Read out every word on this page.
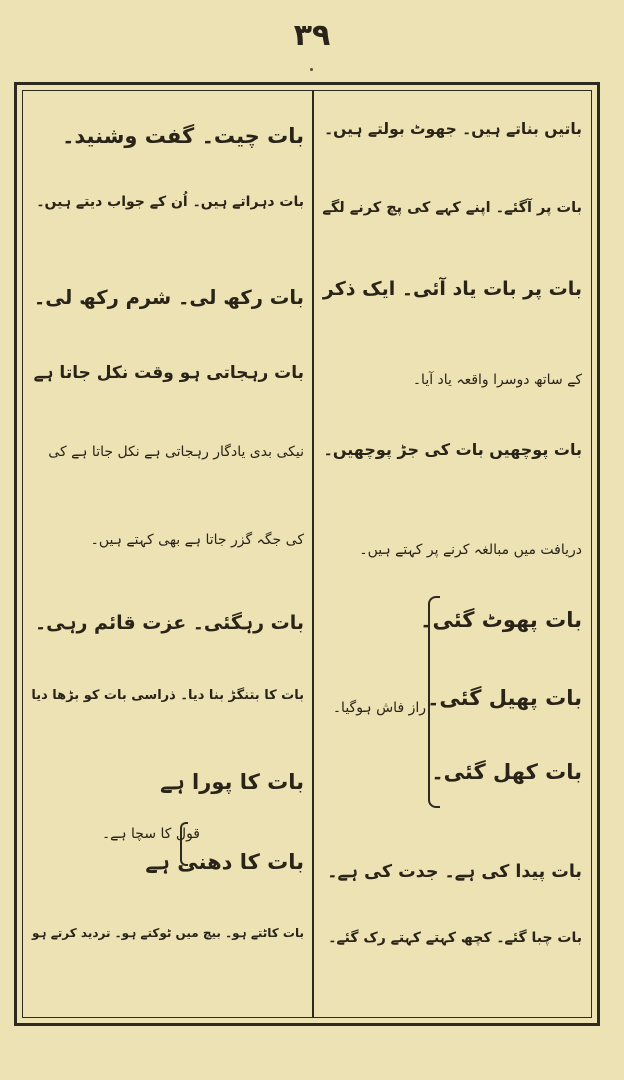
۳۹
باتیں بناتے ہیں۔ جھوٹ بولتے ہیں۔
بات پر آگئے۔ اپنے کہے کی پچ کرنے لگے
بات پر بات یاد آئی۔ ایک ذکر
کے ساتھ دوسرا واقعہ یاد آیا۔
بات پوچھیں بات کی جڑ پوچھیں۔
دریافت میں مبالغہ کرنے پر کہتے ہیں۔
بات پھوٹ گئی۔
بات پھیل گئی۔
بات کھل گئی۔
بات پیدا کی ہے۔ جدت کی ہے۔
بات چبا گئے۔ کچھ کہتے کہتے رک گئے۔
راز فاش ہوگیا۔
بات چیت۔ گفت وشنید۔
بات دہراتے ہیں۔ اُن کے جواب دیتے ہیں۔
بات رکھ لی۔ شرم رکھ لی۔
بات رہجاتی ہو وقت نکل جاتا ہے
نیکی بدی یادگار رہجاتی ہے نکل جاتا ہے کی
کی جگہ گزر جاتا ہے بھی کہتے ہیں۔
بات رہگئی۔ عزت قائم رہی۔
بات کا بتنگڑ بنا دیا۔ ذراسی بات کو بڑھا دیا
بات کا پورا ہے
قول کا سچا ہے۔
بات کا دھنی ہے
بات کاٹتے ہو۔ بیچ میں ٹوکتے ہو۔ تردید کرتے ہو
